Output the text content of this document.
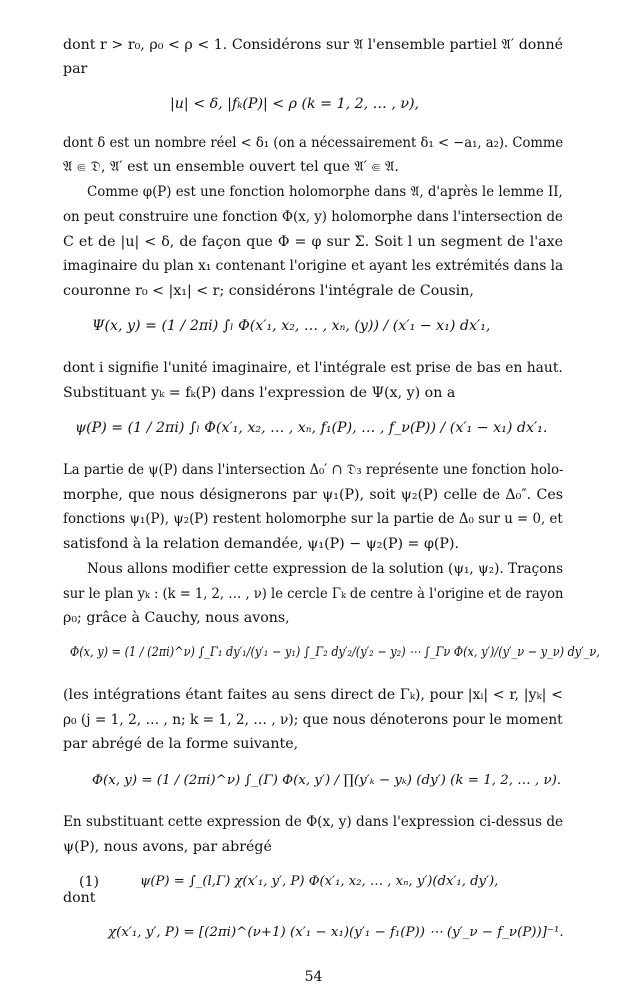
dont r > r₀, ρ₀ < ρ < 1. Considérons sur 𝔄 l'ensemble partiel 𝔄′ donné
par
|u| < δ, |fₖ(P)| < ρ (k = 1, 2, … , ν),
dont δ est un nombre réel < δ₁ (on a nécessairement δ₁ < −a₁, a₂). Comme
𝔄 ⋐ 𝔇, 𝔄′ est un ensemble ouvert tel que 𝔄′ ⋐ 𝔄.
Comme φ(P) est une fonction holomorphe dans 𝔄, d'après le lemme II,
on peut construire une fonction Φ(x, y) holomorphe dans l'intersection de
C et de |u| < δ, de façon que Φ = φ sur Σ. Soit l un segment de l'axe
imaginaire du plan x₁ contenant l'origine et ayant les extrémités dans la
couronne r₀ < |x₁| < r; considérons l'intégrale de Cousin,
Ψ(x, y) = (1 / 2πi) ∫ₗ Φ(x′₁, x₂, … , xₙ, (y)) / (x′₁ − x₁) dx′₁,
dont i signifie l'unité imaginaire, et l'intégrale est prise de bas en haut.
Substituant yₖ = fₖ(P) dans l'expression de Ψ(x, y) on a
ψ(P) = (1 / 2πi) ∫ₗ Φ(x′₁, x₂, … , xₙ, f₁(P), … , f_ν(P)) / (x′₁ − x₁) dx′₁.
La partie de ψ(P) dans l'intersection Δ₀′ ∩ 𝔇₃ représente une fonction holo-
morphe, que nous désignerons par ψ₁(P), soit ψ₂(P) celle de Δ₀″. Ces
fonctions ψ₁(P), ψ₂(P) restent holomorphe sur la partie de Δ₀ sur u = 0, et
satisfond à la relation demandée, ψ₁(P) − ψ₂(P) = φ(P).
Nous allons modifier cette expression de la solution (ψ₁, ψ₂). Traçons
sur le plan yₖ : (k = 1, 2, … , ν) le cercle Γₖ de centre à l'origine et de rayon
ρ₀; grâce à Cauchy, nous avons,
Φ(x, y) = (1 / (2πi)^ν) ∫_Γ₁ dy′₁/(y′₁ − y₁) ∫_Γ₂ dy′₂/(y′₂ − y₂) ⋯ ∫_Γν Φ(x, y′)/(y′_ν − y_ν) dy′_ν,
(les intégrations étant faites au sens direct de Γₖ), pour |xᵢ| < r, |yₖ| <
ρ₀ (j = 1, 2, … , n; k = 1, 2, … , ν); que nous dénoterons pour le moment
par abrégé de la forme suivante,
Φ(x, y) = (1 / (2πi)^ν) ∫_(Γ) Φ(x, y′) / ∏(y′ₖ − yₖ) (dy′) (k = 1, 2, … , ν).
En substituant cette expression de Φ(x, y) dans l'expression ci-dessus de
ψ(P), nous avons, par abrégé
(1)	ψ(P) = ∫_(l,Γ) χ(x′₁, y′, P) Φ(x′₁, x₂, … , xₙ, y′)(dx′₁, dy′),
dont
χ(x′₁, y′, P) = [(2πi)^(ν+1) (x′₁ − x₁)(y′₁ − f₁(P)) ⋯ (y′_ν − f_ν(P))]⁻¹.
54
